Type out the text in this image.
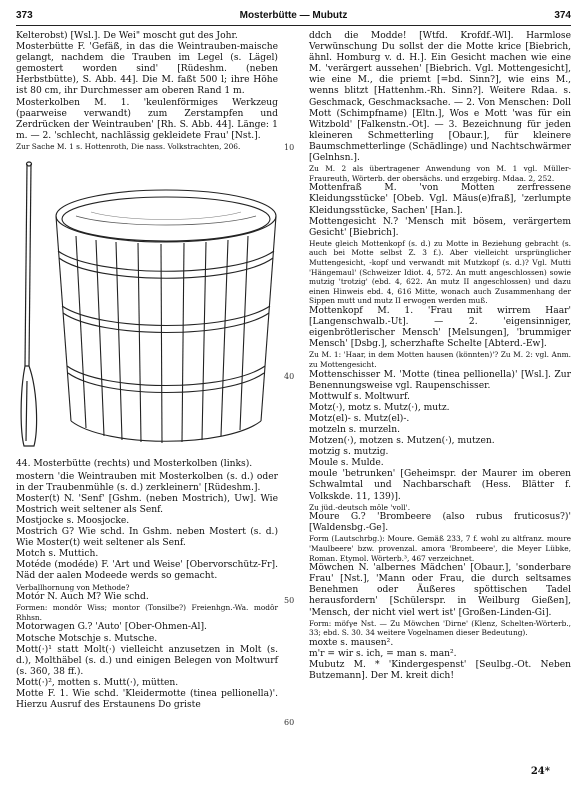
373	Mosterbütte — Mubutz	374

Kelterobst) [Wsl.]. De Wei" moscht gut des Johr.

Mosterbütte F. 'Gefäß, in das die Weintrauben-maische gelangt, nachdem die Trauben im Legel (s. Lägel) gemostert worden sind' [Rüdeshm. (neben Herbstbütte), S. Abb. 44]. Die M. faßt 500 l; ihre Höhe ist 80 cm, ihr Durchmesser am oberen Rand 1 m.

Mosterkolben M. 1. 'keulenförmiges Werkzeug (paarweise verwandt) zum Zerstampfen und Zerdrücken der Weintrauben' [Rh. S. Abb. 44]. Länge: 1 m. — 2. 'schlecht, nachlässig gekleidete Frau' [Nst.].

Zur Sache M. 1 s. Hottenroth, Die nass. Volkstrachten, 206.

44. Mosterbütte (rechts) und Mosterkolben (links).

mostern 'die Weintrauben mit Mosterkolben (s. d.) oder in der Traubenmühle (s. d.) zerkleinern' [Rüdeshm.].

Moster(t) N. 'Senf' [Gshm. (neben Mostrich), Uw]. Wie Mostrich weit seltener als Senf.

Mostjocke s. Moosjocke.

Mostrich G? Wie schd. In Gshm. neben Mostert (s. d.) Wie Moster(t) weit seltener als Senf.

Motch s. Muttich.

Motéde (modéde) F. 'Art und Weise' [Obervorschütz-Fr]. Näd der aalen Modeede werds so gemacht.

Verballhornung von Methode?

Motór N. Auch M? Wie schd.

Formen: mondôr Wiss; montor (Tonsilbe?) Freienhgn.-Wa. modôr Rhhsn.

Motorwagen G.? 'Auto' [Ober-Ohmen-Al].

Motsche Motschje s. Mutsche.

Mott(·)¹ statt Molt(·) vielleicht anzusetzen in Molt (s. d.), Molthäbel (s. d.) und einigen Belegen von Moltwurf (s. 360, 38 ff.).

Mott(·)², motten s. Mutt(·), mütten.

Motte F. 1. Wie schd. 'Kleidermotte (tinea pellionella)'. Hierzu Ausruf des Erstaunens Do griste

10
40
50
60

ddch die Modde! [Wtfd. Krofdf.-Wl]. Harmlose Verwünschung Du sollst der die Motte krice [Biebrich, ähnl. Homburg v. d. H.]. Ein Gesicht machen wie eine M. 'verärgert aussehen' [Biebrich. Vgl. Mottengesicht], wie eine M., die priemt [=bd. Sinn?], wie eins M., wenns blitzt [Hattenhm.-Rh. Sinn?]. Weitere Rdaa. s. Geschmack, Geschmacksache. — 2. Von Menschen: Doll Mott (Schimpfname) [Eltn.], Wos e Mott 'was für ein Witzbold' [Falkenstn.-Ot]. — 3. Bezeichnung für jeden kleineren Schmetterling [Obaur.], für kleinere Baumschmetterlinge (Schädlinge) und Nachtschwärmer [Gelnhsn.].

Zu M. 2 als übertragener Anwendung von M. 1 vgl. Müller-Fraureuth, Wörterb. der obersächs. und erzgebirg. Mdaa. 2, 252.

Mottenfraß M. 'von Motten zerfressene Kleidungsstücke' [Obeb. Vgl. Mäus(e)fraß], 'zerlumpte Kleidungsstücke, Sachen' [Han.].

Mottengesicht N.? 'Mensch mit bösem, verärgertem Gesicht' [Biebrich].

Heute gleich Mottenkopf (s. d.) zu Motte in Beziehung gebracht (s. auch bei Motte selbst Z. 3 f.). Aber vielleicht ursprünglicher Muttengesicht, -kopf und verwandt mit Mutzkopf (s. d.)? Vgl. Mutti 'Hängemaul' (Schweizer Idiot. 4, 572. An mutt angeschlossen) sowie mutzig 'trotzig' (ebd. 4, 622. An mutz II angeschlossen) und dazu einen Hinweis ebd. 4, 616 Mitte, wonach auch Zusammenhang der Sippen mutt und mutz II erwogen werden muß.

Mottenkopf M. 1. 'Frau mit wirrem Haar' [Langenschwalb.-Ut]. — 2. 'eigensinniger, eigenbrötlerischer Mensch' [Melsungen], 'brummiger Mensch' [Dsbg.], scherzhafte Schelte [Abterd.-Ew].

Zu M. 1: 'Haar, in dem Motten hausen (könnten)'? Zu M. 2: vgl. Anm. zu Mottengesicht.

Mottenschisser M. 'Motte (tinea pellionella)' [Wsl.]. Zur Benennungsweise vgl. Raupenschisser.

Mottwulf s. Moltwurf.

Motz(·), motz s. Mutz(·), mutz.

Motz(el)- s. Mutz(el)-.

motzeln s. murzeln.

Motzen(·), motzen s. Mutzen(·), mutzen.

motzig s. mutzig.

Moule s. Mulde.

moule 'betrunken' [Geheimspr. der Maurer im oberen Schwalmtal und Nachbarschaft (Hess. Blätter f. Volkskde. 11, 139)].

Zu jüd.-deutsch môle 'voll'.

Moure G.? 'Brombeere (also rubus fruticosus?)' [Waldensbg.-Ge].

Form (Lautschrbg.): Moure. Gemäß 233, 7 f. wohl zu altfranz. moure 'Maulbeere' bzw. provenzal. amora 'Brombeere', die Meyer Lübke, Roman. Etymol. Wörterb.³, 467 verzeichnet.

Möwchen N. 'albernes Mädchen' [Obaur.], 'sonderbare Frau' [Nst.], 'Mann oder Frau, die durch seltsames Benehmen oder Äußeres spöttischen Tadel herausfordern' [Schülerspr. in Weilburg Gießen], 'Mensch, der nicht viel wert ist' [Großen-Linden-Gi].

Form: möfγe Nst. — Zu Möwchen 'Dirne' (Klenz, Schelten-Wörterb., 33; ebd. S. 30. 34 weitere Vogelnamen dieser Bedeutung).

moxte s. mausen².

m'r = wir s. ich, = man s. man².

Mubutz M. * 'Kindergespenst' [Seulbg.-Ot. Neben Butzemann]. Der M. kreit dich!

24*
